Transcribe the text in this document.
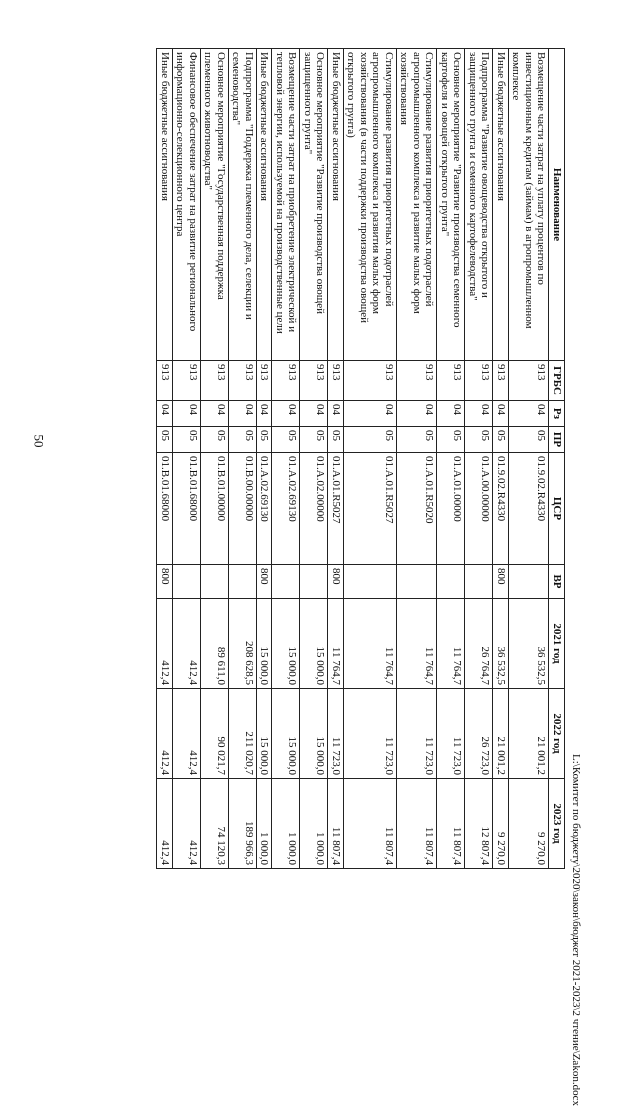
50
Наименование	ГРБС	Рз	ПР	ЦСР	ВР	2021 год	2022 год	2023 год
Возмещение части затрат на уплату процентов по инвестиционным кредитам (займам) в агропромышленном комплексе	913	04	05	01.9.02.R4330		36 532,5	21 001,2	9 270,0
Иные бюджетные ассигнования	913	04	05	01.9.02.R4330	800	36 532,5	21 001,2	9 270,0
Подпрограмма "Развитие овощеводства открытого и защищенного грунта и семенного картофелеводства"	913	04	05	01.А.00.00000		26 764,7	26 723,0	12 807,4
Основное мероприятие "Развитие производства семенного картофеля и овощей открытого грунта"	913	04	05	01.А.01.00000		11 764,7	11 723,0	11 807,4
Стимулирование развития приоритетных подотраслей агропромышленного комплекса и развитие малых форм хозяйствования	913	04	05	01.А.01.R5020		11 764,7	11 723,0	11 807,4
Стимулирование развития приоритетных подотраслей агропромышленного комплекса и развития малых форм хозяйствования (в части поддержки производства овощей открытого грунта)	913	04	05	01.А.01.R5027		11 764,7	11 723,0	11 807,4
Иные бюджетные ассигнования	913	04	05	01.А.01.R5027	800	11 764,7	11 723,0	11 807,4
Основное мероприятие "Развитие производства овощей защищенного грунта"	913	04	05	01.А.02.00000		15 000,0	15 000,0	1 000,0
Возмещение части затрат на приобретение электрической и тепловой энергии, используемой на производственные цели	913	04	05	01.А.02.69130		15 000,0	15 000,0	1 000,0
Иные бюджетные ассигнования	913	04	05	01.А.02.69130	800	15 000,0	15 000,0	1 000,0
Подпрограмма "Поддержка племенного дела, селекции и семеноводства"	913	04	05	01.В.00.00000		208 628,5	211 020,7	189 966,3
Основное мероприятие "Государственная поддержка племенного животноводства"	913	04	05	01.В.01.00000		89 611,0	90 021,7	74 120,3
Финансовое обеспечение затрат на развитие регионального информационно-селекционного центра	913	04	05	01.В.01.68000		412,4	412,4	412,4
Иные бюджетные ассигнования	913	04	05	01.В.01.68000	800	412,4	412,4	412,4	L:\Комитет по бюджету\2020\закон\бюджет 2021-2023\2 чтение\Zakon.docx
